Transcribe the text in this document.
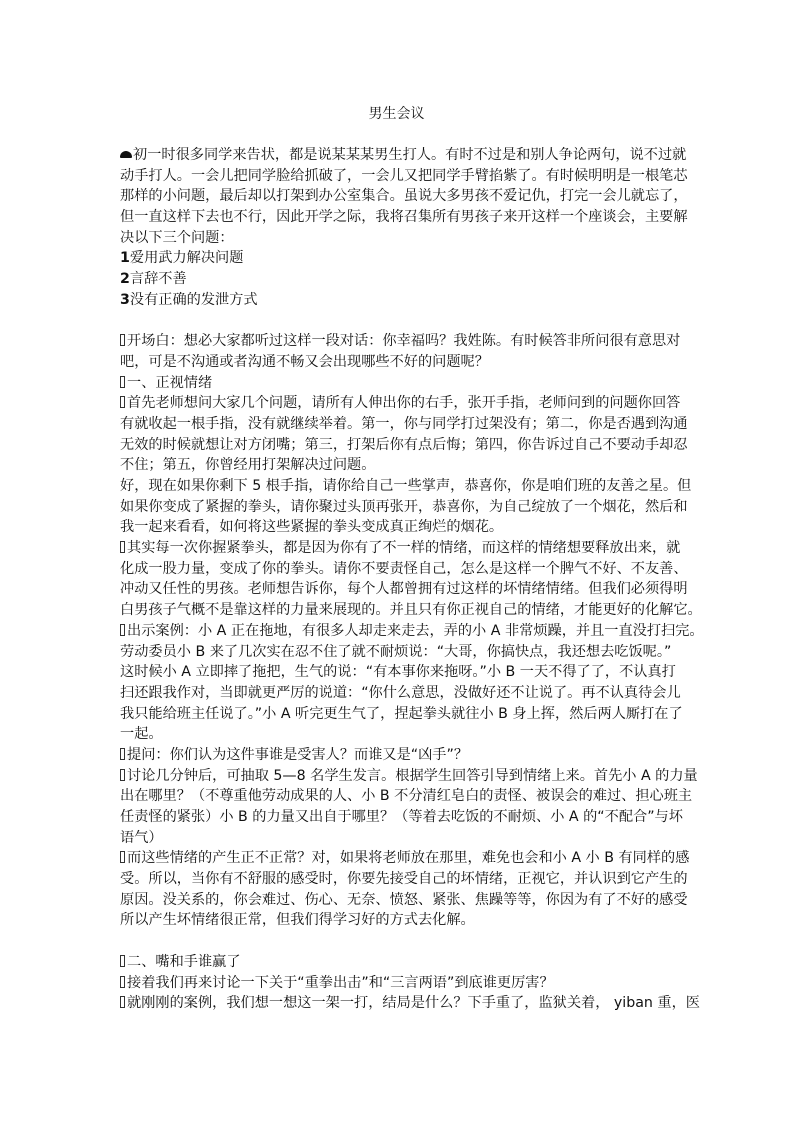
男生会议
初一时很多同学来告状，都是说某某某男生打人。有时不过是和别人争论两句，说不过就
动手打人。一会儿把同学脸给抓破了，一会儿又把同学手臂掐紫了。有时候明明是一根笔芯
那样的小问题，最后却以打架到办公室集合。虽说大多男孩不爱记仇，打完一会儿就忘了，
但一直这样下去也不行，因此开学之际，我将召集所有男孩子来开这样一个座谈会，主要解
决以下三个问题：
1爱用武力解决问题
2言辞不善
3没有正确的发泄方式
开场白：想必大家都听过这样一段对话：你幸福吗？我姓陈。有时候答非所问很有意思对
吧，可是不沟通或者沟通不畅又会出现哪些不好的问题呢？
一、正视情绪
首先老师想问大家几个问题，请所有人伸出你的右手，张开手指，老师问到的问题你回答
有就收起一根手指，没有就继续举着。第一，你与同学打过架没有；第二，你是否遇到沟通
无效的时候就想让对方闭嘴；第三，打架后你有点后悔；第四，你告诉过自己不要动手却忍
不住；第五，你曾经用打架解决过问题。
好，现在如果你剩下 5 根手指，请你给自己一些掌声，恭喜你，你是咱们班的友善之星。但
如果你变成了紧握的拳头，请你聚过头顶再张开，恭喜你，为自己绽放了一个烟花，然后和
我一起来看看，如何将这些紧握的拳头变成真正绚烂的烟花。
其实每一次你握紧拳头，都是因为你有了不一样的情绪，而这样的情绪想要释放出来，就
化成一股力量，变成了你的拳头。请你不要责怪自己，怎么是这样一个脾气不好、不友善、
冲动又任性的男孩。老师想告诉你，每个人都曾拥有过这样的坏情绪情绪。但我们必须得明
白男孩子气概不是靠这样的力量来展现的。并且只有你正视自己的情绪，才能更好的化解它。
出示案例：小 A 正在拖地，有很多人却走来走去，弄的小 A 非常烦躁，并且一直没打扫完。
劳动委员小 B 来了几次实在忍不住了就不耐烦说：“大哥，你搞快点，我还想去吃饭呢。”
这时候小 A 立即摔了拖把，生气的说：“有本事你来拖呀。”小 B 一天不得了了，不认真打
扫还跟我作对，当即就更严厉的说道：“你什么意思，没做好还不让说了。再不认真待会儿
我只能给班主任说了。”小 A 听完更生气了，捏起拳头就往小 B 身上挥，然后两人厮打在了
一起。
提问：你们认为这件事谁是受害人？而谁又是“凶手”？
讨论几分钟后，可抽取 5—8 名学生发言。根据学生回答引导到情绪上来。首先小 A 的力量
出在哪里？（不尊重他劳动成果的人、小 B 不分清红皂白的责怪、被误会的难过、担心班主
任责怪的紧张）小 B 的力量又出自于哪里？（等着去吃饭的不耐烦、小 A 的“不配合”与坏
语气）
而这些情绪的产生正不正常？对，如果将老师放在那里，难免也会和小 A 小 B 有同样的感
受。所以，当你有不舒服的感受时，你要先接受自己的坏情绪，正视它，并认识到它产生的
原因。没关系的，你会难过、伤心、无奈、愤怒、紧张、焦躁等等，你因为有了不好的感受
所以产生坏情绪很正常，但我们得学习好的方式去化解。
二、嘴和手谁赢了
接着我们再来讨论一下关于“重拳出击”和“三言两语”到底谁更厉害？
就刚刚的案例，我们想一想这一架一打，结局是什么？下手重了，监狱关着， yiban 重，医
